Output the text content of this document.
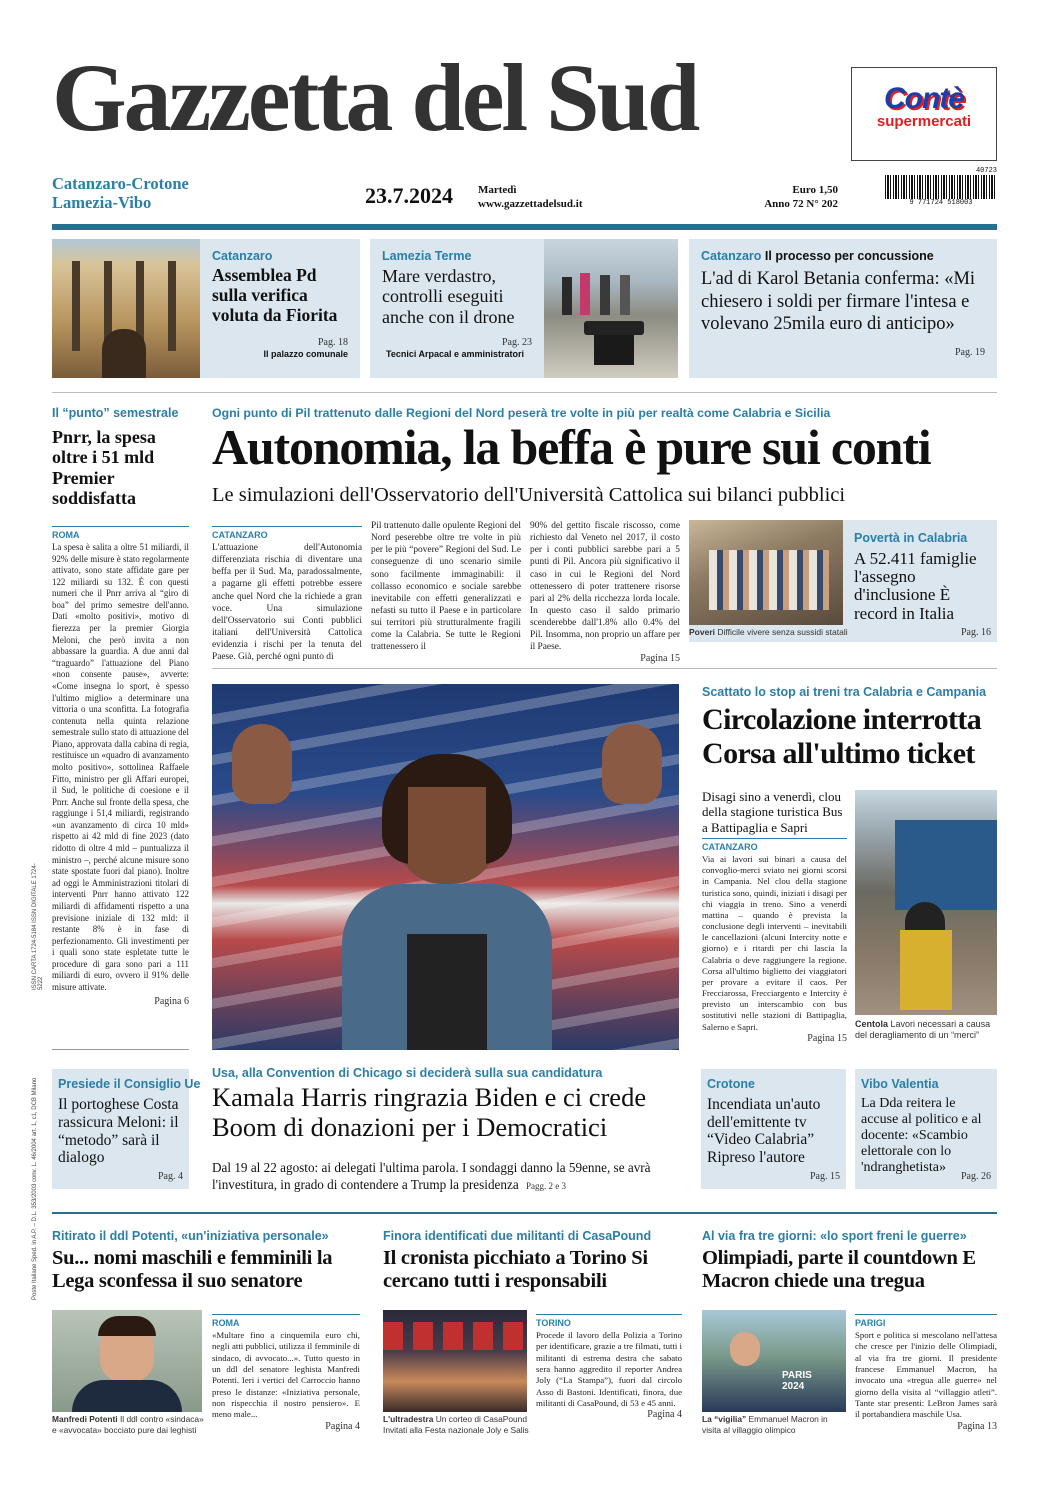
Gazzetta del Sud	Contè
supermercati
Catanzaro-Crotone
Lamezia-Vibo	23.7.2024 Martedì
www.gazzettadelsud.it
Euro 1,50
Anno 72 N° 202
40723
9 771724 518003
Catanzaro
Assemblea Pd sulla verifica voluta da Fiorita
Pag. 18
Il palazzo comunale
Lamezia Terme
Mare verdastro, controlli eseguiti anche con il drone
Pag. 23
Tecnici Arpacal e amministratori
Catanzaro Il processo per concussione
L'ad di Karol Betania conferma: «Mi chiesero i soldi per firmare l'intesa e volevano 25mila euro di anticipo»
Pag. 19
Il “punto” semestrale
Pnrr, la spesa oltre i 51 mld Premier soddisfatta
ROMA
La spesa è salita a oltre 51 miliardi, il 92% delle misure è stato regolarmente attivato, sono state affidate gare per 122 miliardi su 132. È con questi numeri che il Pnrr arriva al “giro di boa” del primo semestre dell'anno. Dati «molto positivi», motivo di fierezza per la premier Giorgia Meloni, che però invita a non abbassare la guardia. A due anni dal “traguardo” l'attuazione del Piano «non consente pause», avverte: «Come insegna lo sport, è spesso l'ultimo miglio» a determinare una vittoria o una sconfitta. La fotografia contenuta nella quinta relazione semestrale sullo stato di attuazione del Piano, approvata dalla cabina di regia, restituisce un «quadro di avanzamento molto positivo», sottolinea Raffaele Fitto, ministro per gli Affari europei, il Sud, le politiche di coesione e il Pnrr. Anche sul fronte della spesa, che raggiunge i 51,4 miliardi, registrando «un avanzamento di circa 10 mld» rispetto ai 42 mld di fine 2023 (dato ridotto di oltre 4 mld – puntualizza il ministro –, perché alcune misure sono state spostate fuori dal piano). Inoltre ad oggi le Amministrazioni titolari di interventi Pnrr hanno attivato 122 miliardi di affidamenti rispetto a una previsione iniziale di 132 mld: il restante 8% è in fase di perfezionamento. Gli investimenti per i quali sono state espletate tutte le procedure di gara sono pari a 111 miliardi di euro, ovvero il 91% delle misure attivate.
Pagina 6
Ogni punto di Pil trattenuto dalle Regioni del Nord peserà tre volte in più per realtà come Calabria e Sicilia
Autonomia, la beffa è pure sui conti
Le simulazioni dell'Osservatorio dell'Università Cattolica sui bilanci pubblici
CATANZARO
L'attuazione dell'Autonomia differenziata rischia di diventare una beffa per il Sud. Ma, paradossalmente, a pagarne gli effetti potrebbe essere anche quel Nord che la richiede a gran voce. Una simulazione dell'Osservatorio sui Conti pubblici italiani dell'Università Cattolica evidenzia i rischi per la tenuta del Paese. Già, perché ogni punto di
Pil trattenuto dalle opulente Regioni del Nord peserebbe oltre tre volte in più per le più “povere” Regioni del Sud. Le conseguenze di uno scenario simile sono facilmente immaginabili: il collasso economico e sociale sarebbe inevitabile con effetti generalizzati e nefasti su tutto il Paese e in particolare sui territori più strutturalmente fragili come la Calabria. Se tutte le Regioni trattenessero il
90% del gettito fiscale riscosso, come richiesto dal Veneto nel 2017, il costo per i conti pubblici sarebbe pari a 5 punti di Pil. Ancora più significativo il caso in cui le Regioni del Nord ottenessero di poter trattenere risorse pari al 2% della ricchezza lorda locale. In questo caso il saldo primario scenderebbe dall'1.8% allo 0.4% del Pil. Insomma, non proprio un affare per il Paese.
Pagina 15
Povertà in Calabria
A 52.411 famiglie l'assegno d'inclusione È record in Italia
Poveri Difficile vivere senza sussidi statali	Pag. 16
Scattato lo stop ai treni tra Calabria e Campania
Circolazione interrotta Corsa all'ultimo ticket
Disagi sino a venerdì, clou della stagione turistica Bus a Battipaglia e Sapri
CATANZARO
Via ai lavori sui binari a causa del convoglio-merci sviato nei giorni scorsi in Campania. Nel clou della stagione turistica sono, quindi, iniziati i disagi per chi viaggia in treno. Sino a venerdì mattina – quando è prevista la conclusione degli interventi – inevitabili le cancellazioni (alcuni Intercity notte e giorno) e i ritardi per chi lascia la Calabria o deve raggiungere la regione. Corsa all'ultimo biglietto dei viaggiatori per provare a evitare il caos. Per Frecciarossa, Frecciargento e Intercity è previsto un interscambio con bus sostitutivi nelle stazioni di Battipaglia, Salerno e Sapri.
Pagina 15
Centola Lavori necessari a causa del deragliamento di un “merci”
Usa, alla Convention di Chicago si deciderà sulla sua candidatura
Kamala Harris ringrazia Biden e ci crede Boom di donazioni per i Democratici
Dal 19 al 22 agosto: ai delegati l'ultima parola. I sondaggi danno la 59enne, se avrà l'investitura, in grado di contendere a Trump la presidenza Pagg. 2 e 3
Presiede il Consiglio Ue
Il portoghese Costa rassicura Meloni: il “metodo” sarà il dialogo
Pag. 4
Crotone
Incendiata un'auto dell'emittente tv “Video Calabria” Ripreso l'autore
Pag. 15
Vibo Valentia
La Dda reitera le accuse al politico e al docente: «Scambio elettorale con lo 'ndranghetista»
Pag. 26
Ritirato il ddl Potenti, «un'iniziativa personale»
Su... nomi maschili e femminili la Lega sconfessa il suo senatore
Manfredi Potenti Il ddl contro «sindaca» e «avvocata» bocciato pure dai leghisti
ROMA
«Multare fino a cinquemila euro chi, negli atti pubblici, utilizza il femminile di sindaco, di avvocato...». Tutto questo in un ddl del senatore leghista Manfredi Potenti. Ieri i vertici del Carroccio hanno preso le distanze: «Iniziativa personale, non rispecchia il nostro pensiero». E meno male...
Pagina 4
Finora identificati due militanti di CasaPound
Il cronista picchiato a Torino Si cercano tutti i responsabili
L'ultradestra Un corteo di CasaPound Invitati alla Festa nazionale Joly e Salis
TORINO
Procede il lavoro della Polizia a Torino per identificare, grazie a tre filmati, tutti i militanti di estrema destra che sabato sera hanno aggredito il reporter Andrea Joly (“La Stampa”), fuori dal circolo Asso di Bastoni. Identificati, finora, due militanti di CasaPound, di 53 e 45 anni.
Pagina 4
Al via fra tre giorni: «lo sport freni le guerre»
Olimpiadi, parte il countdown E Macron chiede una tregua
PARIS 2024
La “vigilia” Emmanuel Macron in visita al villaggio olimpico
PARIGI
Sport e politica si mescolano nell'attesa che cresce per l'inizio delle Olimpiadi, al via fra tre giorni. Il presidente francese Emmanuel Macron, ha invocato una «tregua alle guerre» nel giorno della visita al “villaggio atleti”. Tante star presenti: LeBron James sarà il portabandiera maschile Usa.
Pagina 13
ISSN CARTA 1724-5184 ISSN DIGITALE 1724-5222
Poste Italiane Sped. in A.P. – D.L. 353/2003 conv. L. 46/2004 art. 1, c1, DCB Milano
